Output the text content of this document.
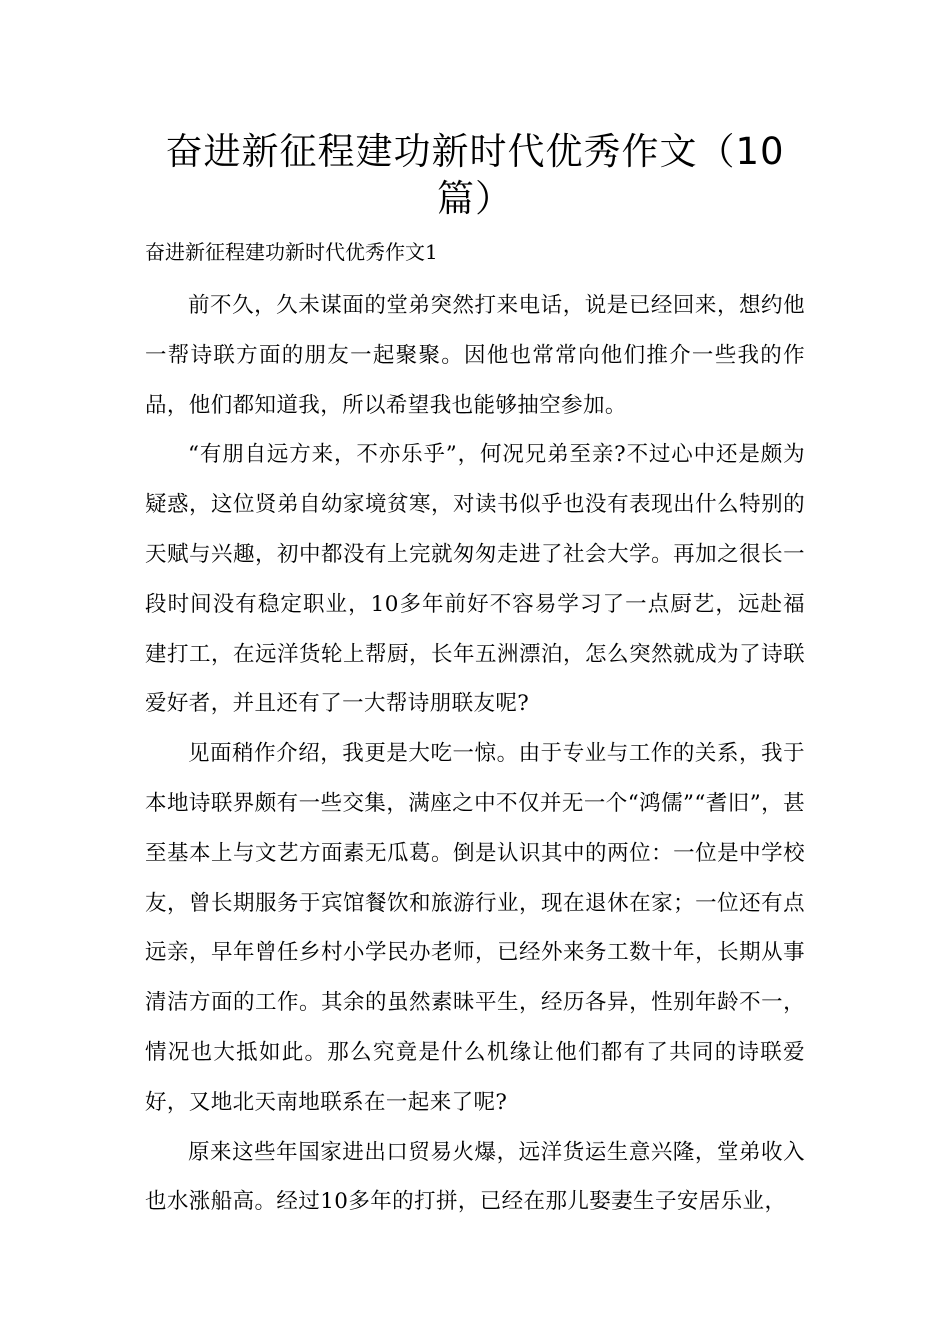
奋进新征程建功新时代优秀作文（10篇）

奋进新征程建功新时代优秀作文1

前不久，久未谋面的堂弟突然打来电话，说是已经回来，想约他一帮诗联方面的朋友一起聚聚。因他也常常向他们推介一些我的作品，他们都知道我，所以希望我也能够抽空参加。

“有朋自远方来，不亦乐乎”，何况兄弟至亲?不过心中还是颇为疑惑，这位贤弟自幼家境贫寒，对读书似乎也没有表现出什么特别的天赋与兴趣，初中都没有上完就匆匆走进了社会大学。再加之很长一段时间没有稳定职业，10多年前好不容易学习了一点厨艺，远赴福建打工，在远洋货轮上帮厨，长年五洲漂泊，怎么突然就成为了诗联爱好者，并且还有了一大帮诗朋联友呢?

见面稍作介绍，我更是大吃一惊。由于专业与工作的关系，我于本地诗联界颇有一些交集，满座之中不仅并无一个“鸿儒”“耆旧”，甚至基本上与文艺方面素无瓜葛。倒是认识其中的两位：一位是中学校友，曾长期服务于宾馆餐饮和旅游行业，现在退休在家；一位还有点远亲，早年曾任乡村小学民办老师，已经外来务工数十年，长期从事清洁方面的工作。其余的虽然素昧平生，经历各异，性别年龄不一，情况也大抵如此。那么究竟是什么机缘让他们都有了共同的诗联爱好，又地北天南地联系在一起来了呢?

原来这些年国家进出口贸易火爆，远洋货运生意兴隆，堂弟收入也水涨船高。经过10多年的打拼，已经在那儿娶妻生子安居乐业，
